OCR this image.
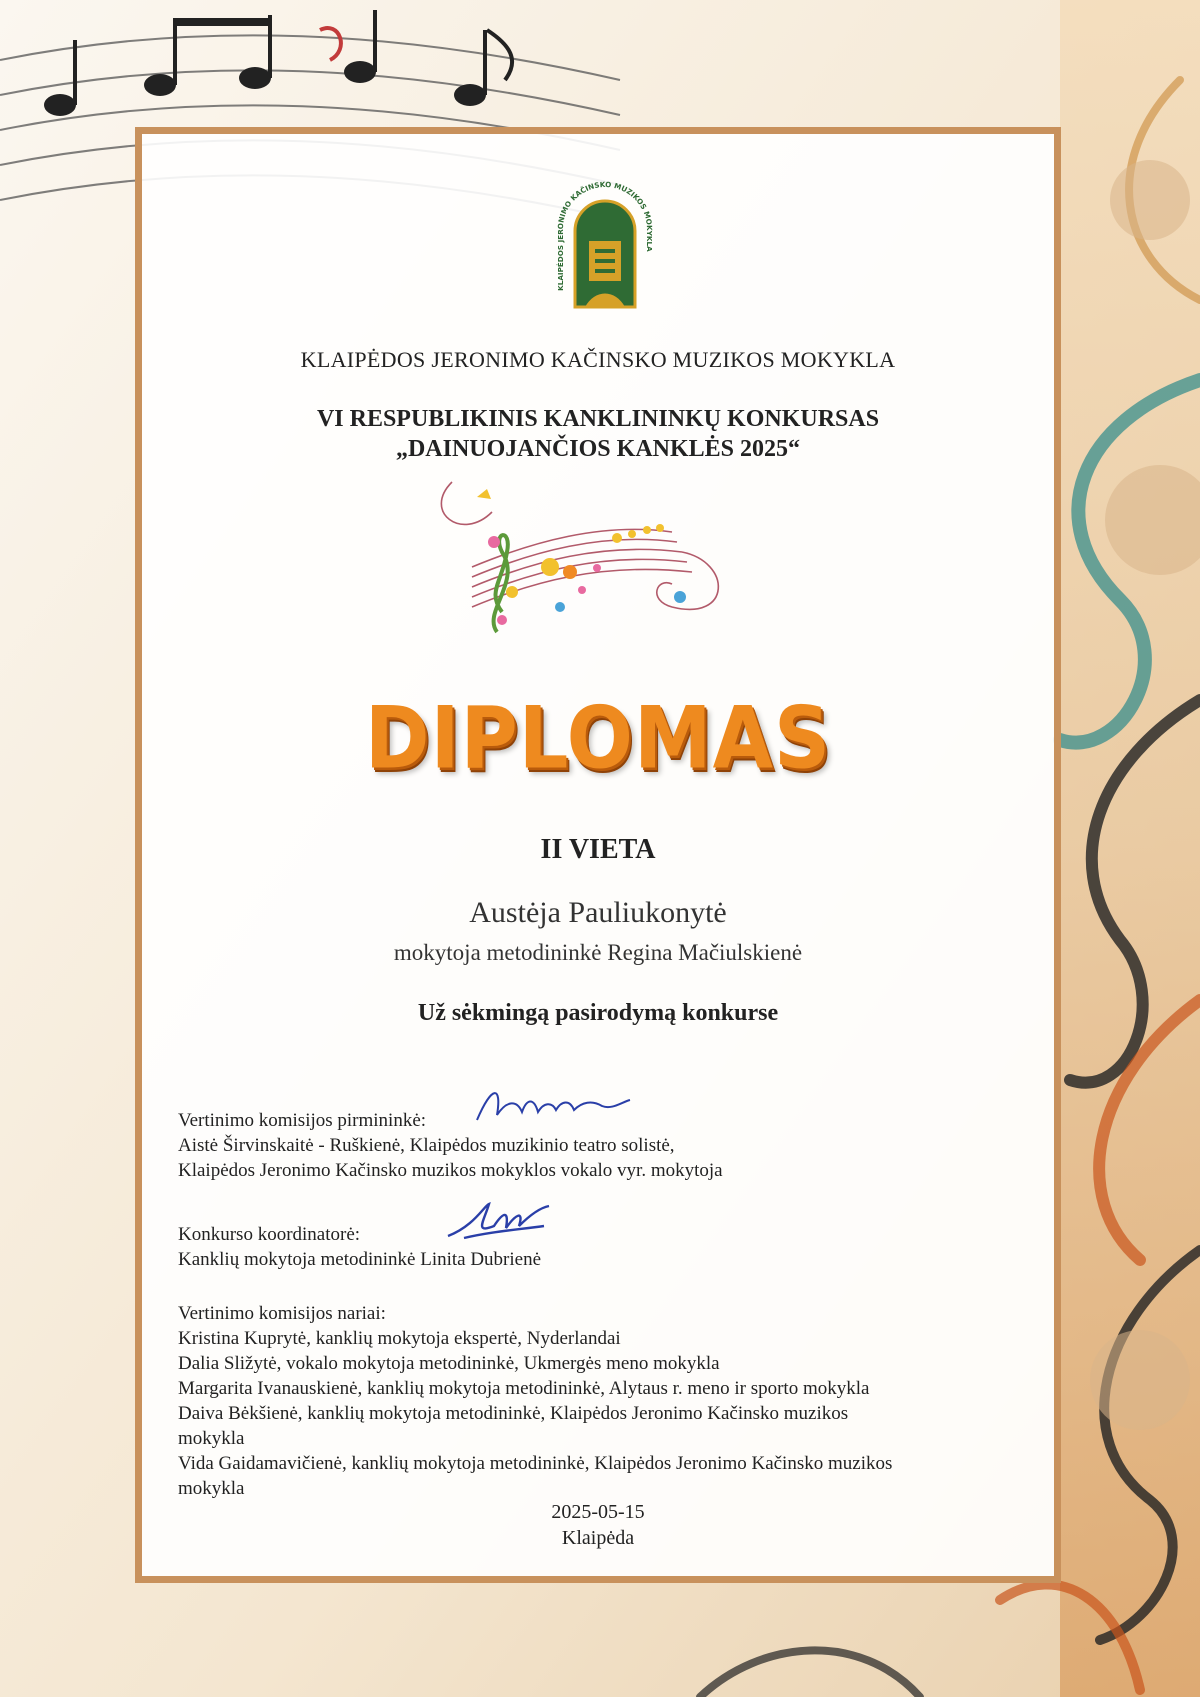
KLAIPĖDOS JERONIMO KAČINSKO MUZIKOS MOKYKLA
KLAIPĖDOS JERONIMO KAČINSKO MUZIKOS MOKYKLA
VI RESPUBLIKINIS KANKLININKŲ KONKURSAS
„DAINUOJANČIOS KANKLĖS 2025“
DIPLOMAS
II VIETA
Austėja Pauliukonytė
mokytoja metodininkė Regina Mačiulskienė
Už sėkmingą pasirodymą konkurse
Vertinimo komisijos pirmininkė:
Aistė Širvinskaitė - Ruškienė, Klaipėdos muzikinio teatro solistė,
Klaipėdos Jeronimo Kačinsko muzikos mokyklos vokalo vyr. mokytoja
Konkurso koordinatorė:
Kanklių mokytoja metodininkė Linita Dubrienė
Vertinimo komisijos nariai:
Kristina Kuprytė, kanklių mokytoja ekspertė, Nyderlandai
Dalia Sližytė, vokalo mokytoja metodininkė, Ukmergės meno mokykla
Margarita Ivanauskienė, kanklių mokytoja metodininkė, Alytaus r. meno ir sporto mokykla
Daiva Bėkšienė, kanklių mokytoja metodininkė, Klaipėdos Jeronimo Kačinsko muzikos
mokykla
Vida Gaidamavičienė, kanklių mokytoja metodininkė, Klaipėdos Jeronimo Kačinsko muzikos
mokykla
2025-05-15
Klaipėda
